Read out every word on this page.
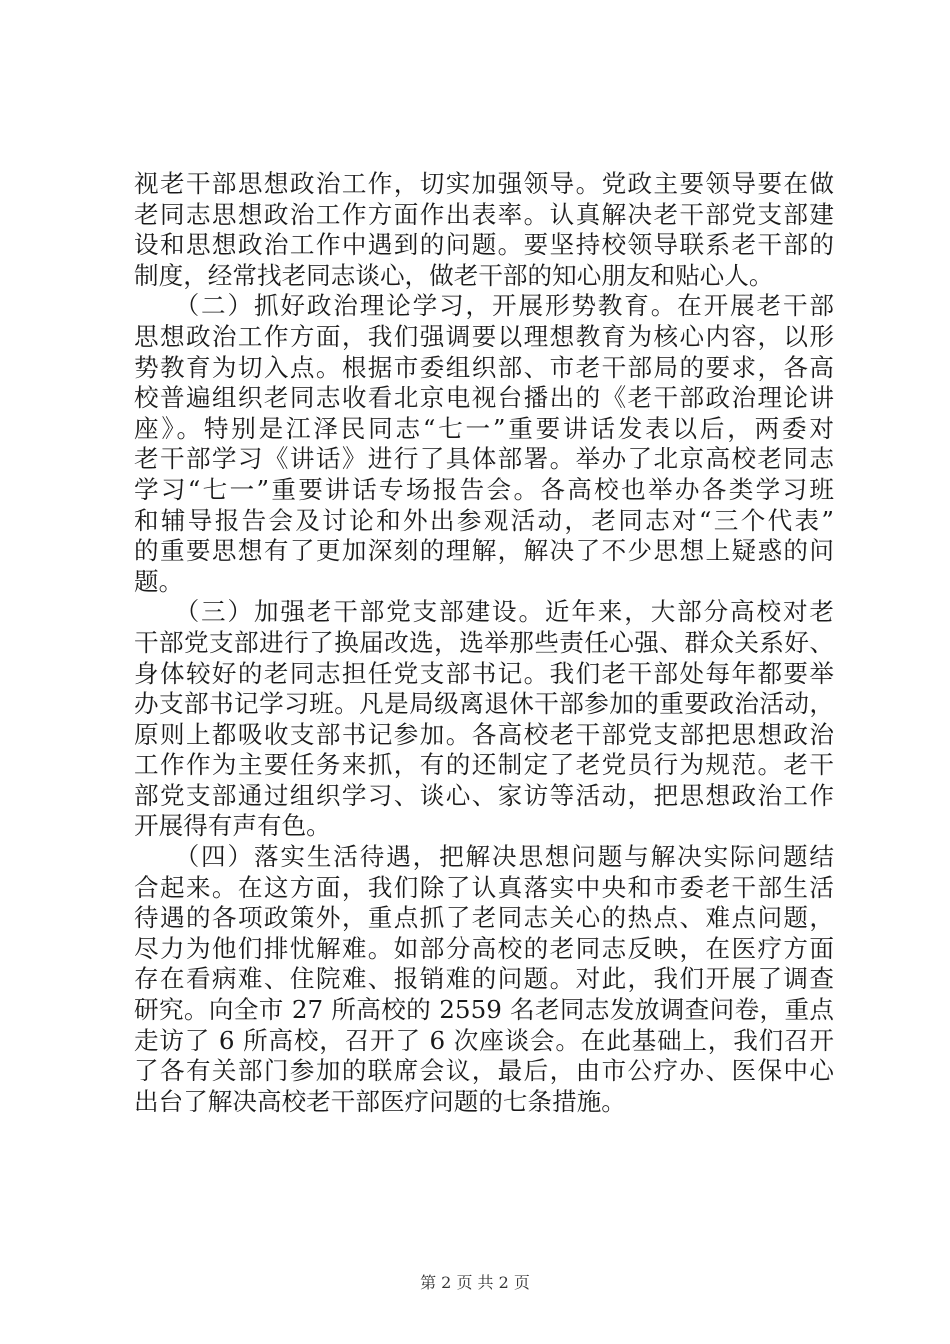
视老干部思想政治工作，切实加强领导。党政主要领导要在做
老同志思想政治工作方面作出表率。认真解决老干部党支部建
设和思想政治工作中遇到的问题。要坚持校领导联系老干部的
制度，经常找老同志谈心，做老干部的知心朋友和贴心人。
　　（二）抓好政治理论学习，开展形势教育。在开展老干部
思想政治工作方面，我们强调要以理想教育为核心内容，以形
势教育为切入点。根据市委组织部、市老干部局的要求，各高
校普遍组织老同志收看北京电视台播出的《老干部政治理论讲
座》。特别是江泽民同志“七一”重要讲话发表以后，两委对
老干部学习《讲话》进行了具体部署。举办了北京高校老同志
学习“七一”重要讲话专场报告会。各高校也举办各类学习班
和辅导报告会及讨论和外出参观活动，老同志对“三个代表”
的重要思想有了更加深刻的理解，解决了不少思想上疑惑的问
题。
　　（三）加强老干部党支部建设。近年来，大部分高校对老
干部党支部进行了换届改选，选举那些责任心强、群众关系好、
身体较好的老同志担任党支部书记。我们老干部处每年都要举
办支部书记学习班。凡是局级离退休干部参加的重要政治活动，
原则上都吸收支部书记参加。各高校老干部党支部把思想政治
工作作为主要任务来抓，有的还制定了老党员行为规范。老干
部党支部通过组织学习、谈心、家访等活动，把思想政治工作
开展得有声有色。
　　（四）落实生活待遇，把解决思想问题与解决实际问题结
合起来。在这方面，我们除了认真落实中央和市委老干部生活
待遇的各项政策外，重点抓了老同志关心的热点、难点问题，
尽力为他们排忧解难。如部分高校的老同志反映，在医疗方面
存在看病难、住院难、报销难的问题。对此，我们开展了调查
研究。向全市 27 所高校的 2559 名老同志发放调查问卷，重点
走访了 6 所高校，召开了 6 次座谈会。在此基础上，我们召开
了各有关部门参加的联席会议，最后，由市公疗办、医保中心
出台了解决高校老干部医疗问题的七条措施。
第 2 页 共 2 页
